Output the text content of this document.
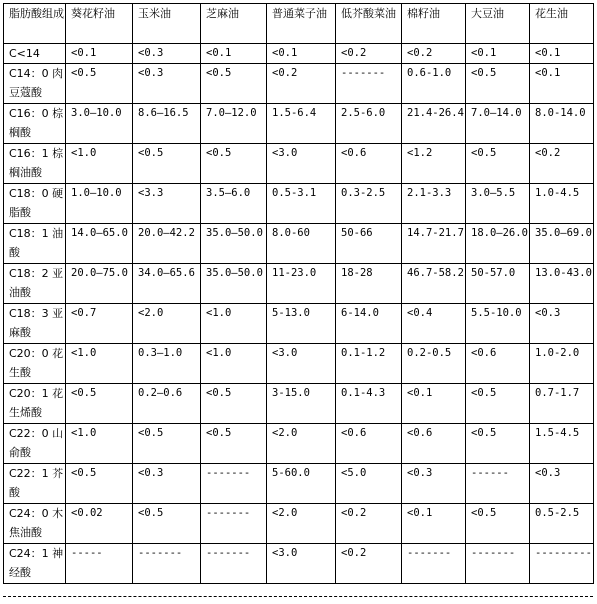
脂肪酸组成	葵花籽油	玉米油	芝麻油	普通菜子油	低芥酸菜油	棉籽油	大豆油	花生油
C<14	<0.1	<0.3	<0.1	<0.1	<0.2	<0.2	<0.1	<0.1
C14：0 肉豆蔻酸	<0.5	<0.3	<0.5	<0.2	-------	0.6-1.0	<0.5	<0.1
C16：0 棕榈酸	3.0—10.0	8.6—16.5	7.0—12.0	1.5-6.4	2.5-6.0	21.4-26.4	7.0—14.0	8.0-14.0
C16：1 棕榈油酸	<1.0	<0.5	<0.5	<3.0	<0.6	<1.2	<0.5	<0.2
C18：0 硬脂酸	1.0—10.0	<3.3	3.5—6.0	0.5-3.1	0.3-2.5	2.1-3.3	3.0—5.5	1.0-4.5
C18：1 油酸	14.0—65.0	20.0—42.2	35.0—50.0	8.0-60	50-66	14.7-21.7	18.0—26.0	35.0—69.0
C18：2 亚油酸	20.0—75.0	34.0—65.6	35.0—50.0	11-23.0	18-28	46.7-58.2	50-57.0	13.0-43.0
C18：3 亚麻酸	<0.7	<2.0	<1.0	5-13.0	6-14.0	<0.4	5.5-10.0	<0.3
C20：0 花生酸	<1.0	0.3—1.0	<1.0	<3.0	0.1-1.2	0.2-0.5	<0.6	1.0-2.0
C20：1 花生烯酸	<0.5	0.2—0.6	<0.5	3-15.0	0.1-4.3	<0.1	<0.5	0.7-1.7
C22：0 山俞酸	<1.0	<0.5	<0.5	<2.0	<0.6	<0.6	<0.5	1.5-4.5
C22：1 芥酸	<0.5	<0.3	-------	5-60.0	<5.0	<0.3	------	<0.3
C24：0 木焦油酸	<0.02	<0.5	-------	<2.0	<0.2	<0.1	<0.5	0.5-2.5
C24：1 神经酸	-----	-------	-------	<3.0	<0.2	-------	-------	---------
